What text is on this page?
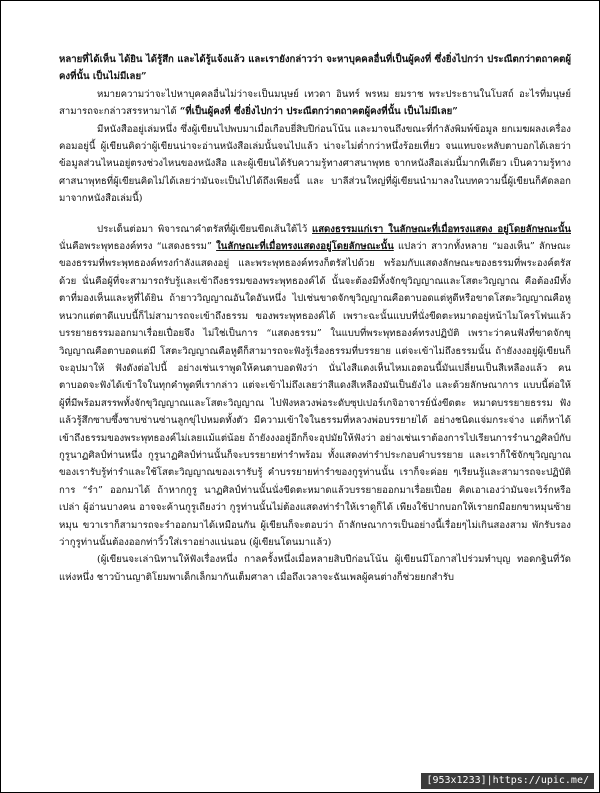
หลายที่ได้เห็น ได้ยิน ได้รู้สึก และได้รู้แจ้งแล้ว และเรายังกล่าวว่า จะหาบุคคลอื่นที่เป็นผู้คงที่ ซึ่งยิ่งไปกว่า ประณีตกว่าตถาคตผู้คงที่นั้น เป็นไม่มีเลย”

หมายความว่าจะไปหาบุคคลอื่นไม่ว่าจะเป็นมนุษย์ เทวดา อินทร์ พรหม ยมราช พระประธานในโบสถ์ อะไรที่มนุษย์สามารถจะกล่าวสรรหามาได้ “ที่เป็นผู้คงที่ ซึ่งยิ่งไปกว่า ประณีตกว่าตถาคตผู้คงที่นั้น เป็นไม่มีเลย”

มีหนังสืออยู่เล่มหนึ่ง ซึ่งผู้เขียนไปพบมาเมื่อเกือบยี่สิบปีก่อนโน้น และมาจนถึงขณะที่กำลังพิมพ์ข้อมูล ยกเมฆผลงเครื่องคอมอยู่นี้ ผู้เขียนคิดว่าผู้เขียนน่าจะอ่านหนังสือเล่มนั้นจนไปแล้ว น่าจะไม่ต่ำกว่าหนึ่งร้อยเที่ยว จนแทบจะหลับตาบอกได้เลยว่าข้อมูลส่วนไหนอยู่ตรงช่วงไหนของหนังสือ และผู้เขียนได้รับความรู้ทางศาสนาพุทธ จากหนังสือเล่มนี้มากทีเดียว เป็นความรู้ทางศาสนาพุทธที่ผู้เขียนคิดไม่ได้เลยว่ามันจะเป็นไปได้ถึงเพียงนี้ และ บาลีส่วนใหญ่ที่ผู้เขียนนำมาลงในบทความนี้ผู้เขียนก็คัดลอกมาจากหนังสือเล่มนี้)

ประเด็นต่อมา พิจารณาคำตรัสที่ผู้เขียนขีดเส้นใต้ไว้ แสดงธรรมแก่เรา ในลักษณะที่เมื่อทรงแสดง อยู่โดยลักษณะนั้น นั่นคือพระพุทธองค์ทรง “แสดงธรรม” ในลักษณะที่เมื่อทรงแสดงอยู่โดยลักษณะนั้น แปลว่า สาวกทั้งหลาย “มองเห็น” ลักษณะของธรรมที่พระพุทธองค์ทรงกำลังแสดงอยู่ และพระพุทธองค์ทรงก็ตรัสไปด้วย พร้อมกับแสดงลักษณะของธรรมที่พระองค์ตรัสด้วย นั่นคือผู้ที่จะสามารถรับรู้และเข้าถึงธรรมของพระพุทธองค์ได้ นั้นจะต้องมีทั้งจักขุวิญญาณและโสตะวิญญาณ คือต้องมีทั้งตาที่มองเห็นและหูที่ได้ยิน ถ้ายาววิญญาณอันใดอันหนึ่ง ไปเช่นขาดจักขุวิญญาณคือตาบอดแต่หูดีหรือขาดโสตะวิญญาณคือหูหนวกแต่ตาดีแบบนี้ก็ไม่สามารถจะเข้าถึงธรรม ของพระพุทธองค์ได้ เพราะฉะนั้นแบบที่นั่งขีดตะหมาดอยู่หน้าไมโครโฟนแล้วบรรยายธรรมออกมาเรื่อยเปื่อยจึง ไม่ใช่เป็นการ “แสดงธรรม” ในแบบที่พระพุทธองค์ทรงปฏิบัติ เพราะว่าคนฟังที่ขาดจักขุวิญญาณคือตาบอดแต่มี โสตะวิญญาณคือหูดีก็สามารถจะฟังรู้เรื่องธรรมที่บรรยาย แต่จะเข้าไม่ถึงธรรมนั้น ถ้ายังงงอยู่ผู้เขียนก็จะอุปมาให้ ฟังดังต่อไปนี้ อย่างเช่นเราพูดให้คนตาบอดฟังว่า นั่นไงสีแดงเห็นไหมเอตอนนี้มันเปลี่ยนเป็นสีเหลืองแล้ว คน ตาบอดจะฟังได้เข้าใจในทุกคำพูดที่เรากล่าว แต่จะเข้าไม่ถึงเลยว่าสีแดงสีเหลืองมันเป็นยังไง และด้วยลักษณาการ แบบนี้ต่อให้ผู้ที่มีพร้อมสรรพทั้งจักขุวิญญาณและโสตะวิญญาณ ไปฟังหลวงพ่อระดับซุปเปอร์เกจิอาจารย์นั่งขีดตะ หมาดบรรยายธรรม ฟังแล้วรู้สึกซาบซึ้งซาบซ่านซ่านลูกขุ่ไปหมดทั้งตัว มีความเข้าใจในธรรมที่หลวงพ่อบรรยายได้ อย่างชนิดแจ่มกระจ่าง แต่ก็หาได้เข้าถึงธรรมของพระพุทธองค์ไม่เลยแม้แต่น้อย ถ้ายังงงอยู่อีกก็จะอุปมัยให้ฟังว่า อย่างเช่นเราต้องการไปเรียนการรำนาฏศิลป์กับกูรูนาฏศิลป์ท่านหนึ่ง กูรูนาฏศิลป์ท่านนั้นก็จะบรรยายท่ารำพร้อม ทั้งแสดงท่ารำประกอบคำบรรยาย และเราก็ใช้จักขุวิญญาณของเรารับรู้ท่ารำและใช้โสตะวิญญาณของเรารับรู้ คำบรรยายท่ารำของกูรูท่านนั้น เราก็จะค่อย ๆเรียนรู้และสามารถจะปฏิบัติการ “รำ” ออกมาได้ ถ้าหากกูรู นาฏศิลป์ท่านนั้นนั่งขีดตะหมาดแล้วบรรยายออกมาเรื่อยเปื่อย คิดเอาเองว่ามันจะเวิร์กหรือเปล่า ผู้อ่านบางคน อาจจะค้านกูรูเถียงว่า กูรูท่านนั้นไม่ต้องแสดงท่ารำให้เราดูก็ได้ เพียงใช้ปากบอกให้เรายกมือยกขาหมุนซ้ายหมุน ขวาเราก็สามารถจะรำออกมาได้เหมือนกัน ผู้เขียนก็จะตอบว่า ถ้าลักษณาการเป็นอย่างนี้เรื่อยๆไม่เกินสองสาม พักรับรองว่ากูรูท่านนั้นต้องออกท่าวิ้วใส่เราอย่างแน่นอน (ผู้เขียนโดนมาแล้ว)

(ผู้เขียนจะเล่านิทานให้ฟังเรื่องหนึ่ง กาลครั้งหนึ่งเมื่อหลายสิบปีก่อนโน้น ผู้เขียนมีโอกาสไปร่วมทำบุญ ทอดกฐินที่วัดแห่งหนึ่ง ชาวบ้านญาติโยมพาเด็กเล็กมากันเต็มศาลา เมื่อถึงเวลาจะฉันเพลผู้คนต่างก็ช่วยยกสำรับ

[953x1233]|https://upic.me/
